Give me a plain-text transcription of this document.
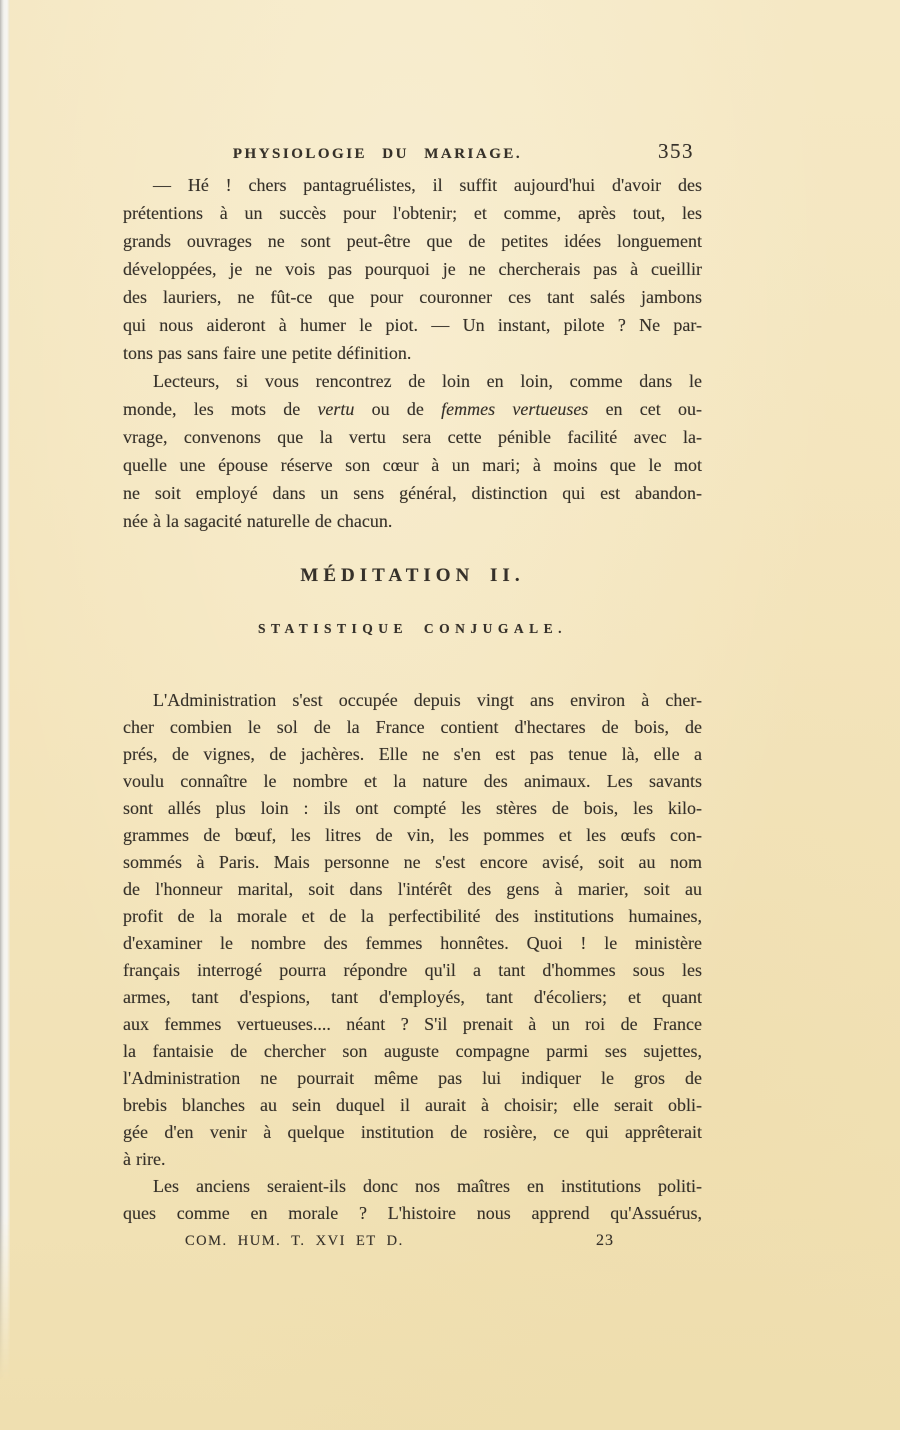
PHYSIOLOGIE DU MARIAGE.	353
— Hé ! chers pantagruélistes, il suffit aujourd'hui d'avoir des
prétentions à un succès pour l'obtenir; et comme, après tout, les
grands ouvrages ne sont peut-être que de petites idées longuement
développées, je ne vois pas pourquoi je ne chercherais pas à cueillir
des lauriers, ne fût-ce que pour couronner ces tant salés jambons
qui nous aideront à humer le piot. — Un instant, pilote ? Ne par-
tons pas sans faire une petite définition.
Lecteurs, si vous rencontrez de loin en loin, comme dans le
monde, les mots de vertu ou de femmes vertueuses en cet ou-
vrage, convenons que la vertu sera cette pénible facilité avec la-
quelle une épouse réserve son cœur à un mari; à moins que le mot
ne soit employé dans un sens général, distinction qui est abandon-
née à la sagacité naturelle de chacun.
MÉDITATION II.
STATISTIQUE CONJUGALE.
L'Administration s'est occupée depuis vingt ans environ à cher-
cher combien le sol de la France contient d'hectares de bois, de
prés, de vignes, de jachères. Elle ne s'en est pas tenue là, elle a
voulu connaître le nombre et la nature des animaux. Les savants
sont allés plus loin : ils ont compté les stères de bois, les kilo-
grammes de bœuf, les litres de vin, les pommes et les œufs con-
sommés à Paris. Mais personne ne s'est encore avisé, soit au nom
de l'honneur marital, soit dans l'intérêt des gens à marier, soit au
profit de la morale et de la perfectibilité des institutions humaines,
d'examiner le nombre des femmes honnêtes. Quoi ! le ministère
français interrogé pourra répondre qu'il a tant d'hommes sous les
armes, tant d'espions, tant d'employés, tant d'écoliers; et quant
aux femmes vertueuses.... néant ? S'il prenait à un roi de France
la fantaisie de chercher son auguste compagne parmi ses sujettes,
l'Administration ne pourrait même pas lui indiquer le gros de
brebis blanches au sein duquel il aurait à choisir; elle serait obli-
gée d'en venir à quelque institution de rosière, ce qui apprêterait
à rire.
Les anciens seraient-ils donc nos maîtres en institutions politi-
ques comme en morale ? L'histoire nous apprend qu'Assuérus,
COM. HUM. T. XVI ET D.	23
